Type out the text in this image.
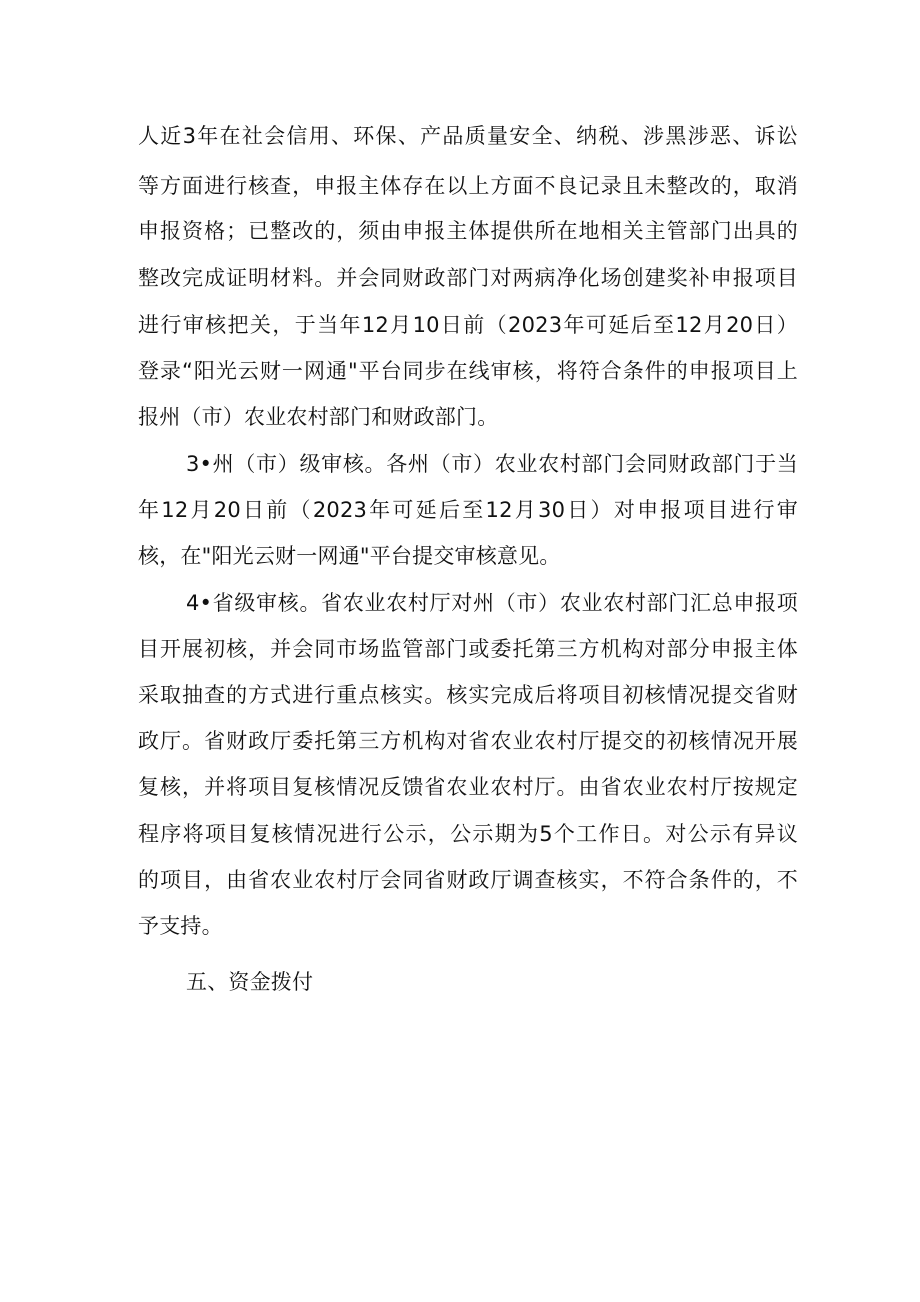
人近3年在社会信用、环保、产品质量安全、纳税、涉黑涉恶、诉讼
等方面进行核查，申报主体存在以上方面不良记录且未整改的，取消
申报资格；已整改的，须由申报主体提供所在地相关主管部门出具的
整改完成证明材料。并会同财政部门对两病净化场创建奖补申报项目
进行审核把关，于当年12月10日前（2023年可延后至12月20日）
登录“阳光云财一网通"平台同步在线审核，将符合条件的申报项目上
报州（市）农业农村部门和财政部门。
3•州（市）级审核。各州（市）农业农村部门会同财政部门于当
年12月20日前（2023年可延后至12月30日）对申报项目进行审
核，在"阳光云财一网通"平台提交审核意见。
4•省级审核。省农业农村厅对州（市）农业农村部门汇总申报项
目开展初核，并会同市场监管部门或委托第三方机构对部分申报主体
采取抽查的方式进行重点核实。核实完成后将项目初核情况提交省财
政厅。省财政厅委托第三方机构对省农业农村厅提交的初核情况开展
复核，并将项目复核情况反馈省农业农村厅。由省农业农村厅按规定
程序将项目复核情况进行公示，公示期为5个工作日。对公示有异议
的项目，由省农业农村厅会同省财政厅调查核实，不符合条件的，不
予支持。
五、资金拨付
